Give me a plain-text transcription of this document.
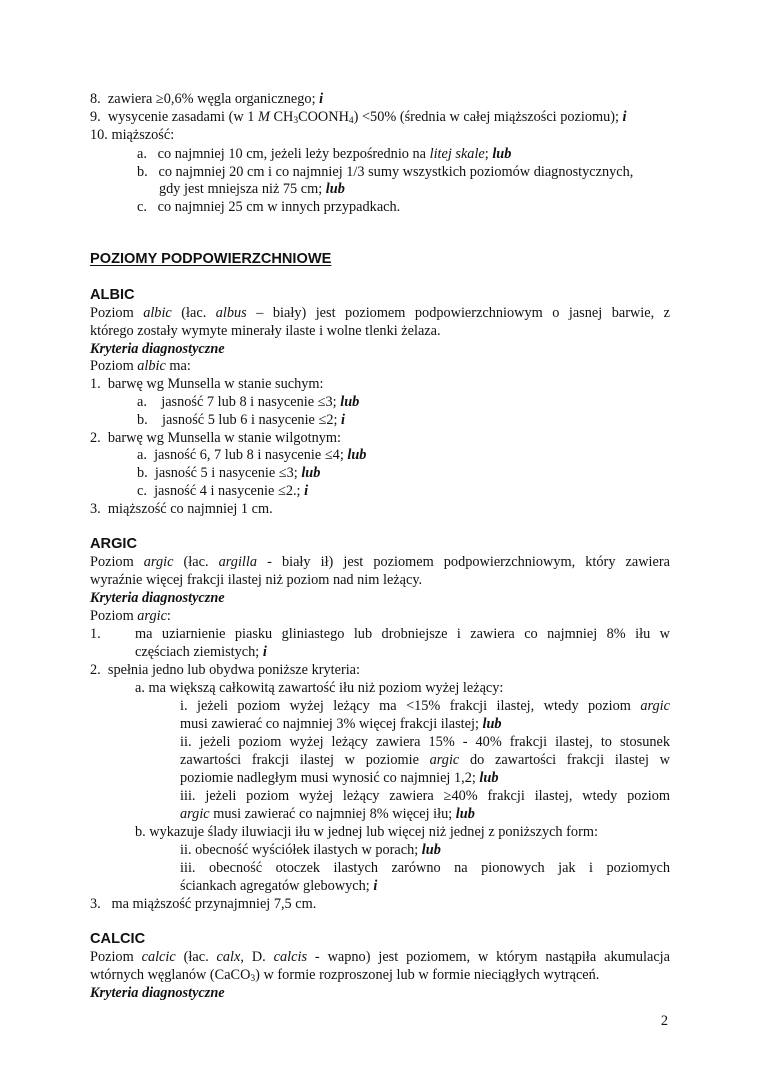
8. zawiera ≥0,6% węgla organicznego; i
9. wysycenie zasadami (w 1 M $CH_3COONH_4) <50\%$ (średnia w całej miąższości poziomu); i
10. miąższość:
a. co najmniej 10 cm, jeżeli leży bezpośrednio na litej skale; lub
b. co najmniej 20 cm i co najmniej 1/3 sumy wszystkich poziomów diagnostycznych,
gdy jest mniejsza niż 75 cm; lub
c. co najmniej 25 cm w innych przypadkach.
POZIOMY PODPOWIERZCHNIOWE
ALBIC
Poziom albic (łac. albus – biały) jest poziomem podpowierzchniowym o jasnej barwie, z
którego zostały wymyte minerały ilaste i wolne tlenki żelaza.
Kryteria diagnostyczne
Poziom albic ma:
1. barwę wg Munsella w stanie suchym:
a. jasność 7 lub 8 i nasycenie ≤3; lub
b. jasność 5 lub 6 i nasycenie ≤2; i
2. barwę wg Munsella w stanie wilgotnym:
a. jasność 6, 7 lub 8 i nasycenie ≤4; lub
b. jasność 5 i nasycenie ≤3; lub
c. jasność 4 i nasycenie ≤2.; i
3. miąższość co najmniej 1 cm.
ARGIC
Poziom argic (łac. argilla - biały ił) jest poziomem podpowierzchniowym, który zawiera
wyraźnie więcej frakcji ilastej niż poziom nad nim leżący.
Kryteria diagnostyczne
Poziom argic:
1. ma uziarnienie piasku gliniastego lub drobniejsze i zawiera co najmniej 8% iłu w
częściach ziemistych; i
2. spełnia jedno lub obydwa poniższe kryteria:
a. ma większą całkowitą zawartość iłu niż poziom wyżej leżący:
i. jeżeli poziom wyżej leżący ma <15% frakcji ilastej, wtedy poziom argic
musi zawierać co najmniej 3% więcej frakcji ilastej; lub
ii. jeżeli poziom wyżej leżący zawiera 15% - 40% frakcji ilastej, to stosunek
zawartości frakcji ilastej w poziomie argic do zawartości frakcji ilastej w
poziomie nadległym musi wynosić co najmniej 1,2; lub
iii. jeżeli poziom wyżej leżący zawiera ≥40% frakcji ilastej, wtedy poziom
argic musi zawierać co najmniej 8% więcej iłu; lub
b. wykazuje ślady iluwiacji iłu w jednej lub więcej niż jednej z poniższych form:
ii. obecność wyściółek ilastych w porach; lub
iii. obecność otoczek ilastych zarówno na pionowych jak i poziomych
ściankach agregatów glebowych; i
3. ma miąższość przynajmniej 7,5 cm.
CALCIC
Poziom calcic (łac. calx, D. calcis - wapno) jest poziomem, w którym nastąpiła akumulacja
wtórnych węglanów (CaCO$_3$) w formie rozproszonej lub w formie nieciągłych wytrąceń.
Kryteria diagnostyczne
2
